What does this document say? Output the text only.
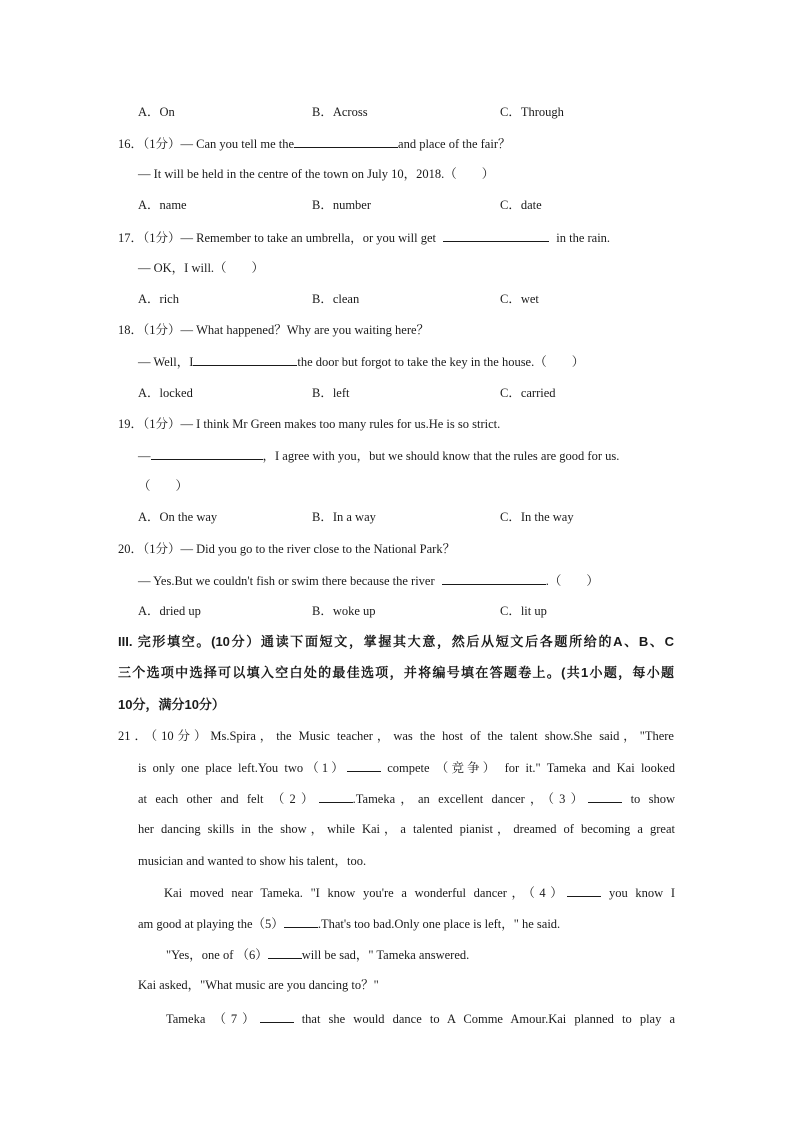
A．On	B．Across	C．Through
16．（1分）— Can you tell me the	and place of the fair？
— It will be held in the centre of the town on July 10，2018.（　　）
A．name	B．number	C．date
17．（1分）— Remember to take an umbrella，or you will get	in the rain.
— OK，I will.（　　）
A．rich	B．clean	C．wet
18．（1分）— What happened？Why are you waiting here？
— Well，I	the door but forgot to take the key in the house.（　　）
A．locked	B．left	C．carried
19．（1分）— I think Mr Green makes too many rules for us.He is so strict.
—	，I agree with you，but we should know that the rules are good for us.
（　　）
A．On the way	B．In a way	C．In the way
20．（1分）— Did you go to the river close to the National Park？
— Yes.But we couldn't fish or swim there because the river	.（　　）
A．dried up	B．woke up	C．lit up
III. 完形填空。(10分）通读下面短文，掌握其大意，然后从短文后各题所给的A、B、C
三个选项中选择可以填入空白处的最佳选项，并将编号填在答题卷上。(共1小题，每小题
10分，满分10分）
21．（10分）Ms.Spira，the Music teacher，was the host of the talent show.She said，"There
is only one place left.You two（1）	compete （竞争） for it." Tameka and Kai looked
at each other and felt （2）	.Tameka，an excellent dancer，（3）	to show
her dancing skills in the show，while Kai，a talented pianist，dreamed of becoming a great
musician and wanted to show his talent，too.
Kai moved near Tameka. "I know you're a wonderful dancer，（4）	you know I
am good at playing the（5）	.That's too bad.Only one place is left，" he said.
"Yes，one of （6）	will be sad，" Tameka answered.
Kai asked，"What music are you dancing to？"
Tameka （7）	that she would dance to A Comme Amour.Kai planned to play a
